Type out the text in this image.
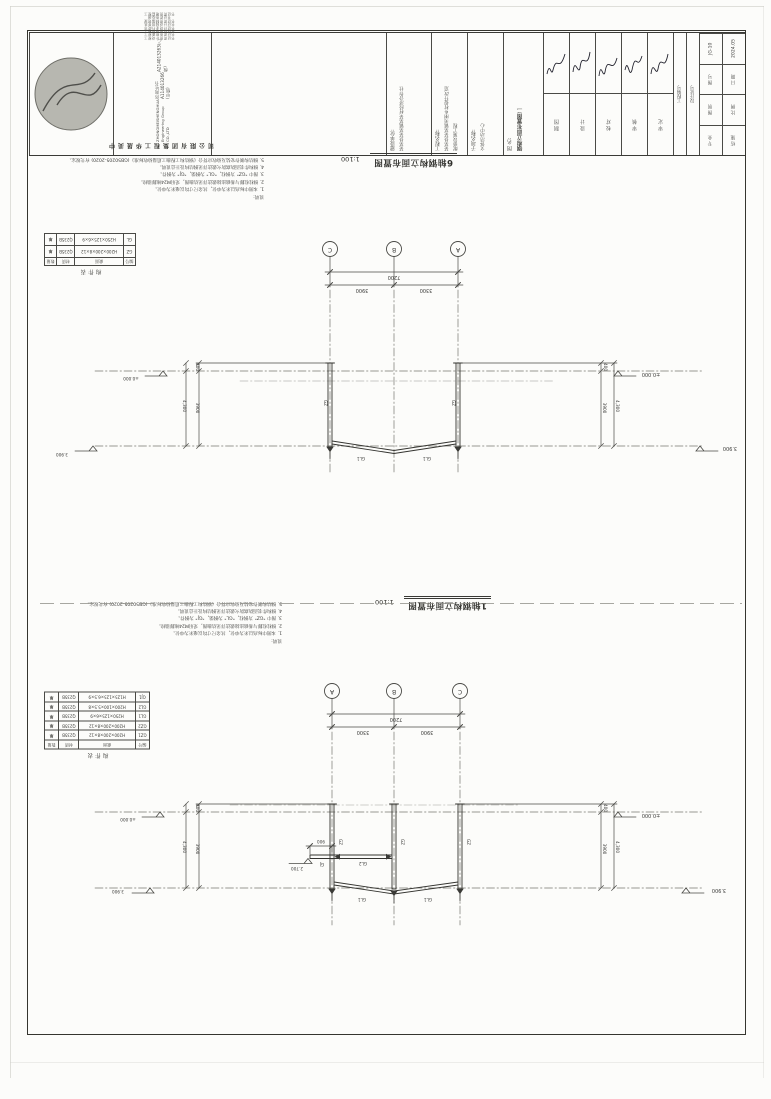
结 施
专 业
比 例
图 别
日 期
图 号
2024.05
JG-10
设计证号
工程编号
审 定
审 核
校 对
设 计
制 图
图 名: 钢构立面布置图二
子项名称: 文体活动中心
工程名称: 某某县某某镇美丽乡村提升改造 配套设施工程
建设单位: 某某县某某镇某某村经济合作社
中美晟华工程集团有限公司
ZHONGMEISHENGHUA Engineering Group CO.,LTD
咨询证书: A114013266 (甲级)
A214013263(乙级)
工程设计资质证书
工程勘察资质证书
工程咨询资信证书
市政行业设计证书
风景园林设计证书
规划编制资质证书
测绘资质证书
工程监理资质证书
6轴钢构立面布置图
1:100
1轴钢构立面布置图
1:100
说明:
1. 本图中标高以米为单位，其余尺寸均以毫米为单位。
2. 钢柱柱脚与基础连接做法详见结施图，采用M24地脚锚栓。
3. 图中 "GZ" 为钢柱，"GL" 为钢梁，"GJ" 为钢件。
4. 钢构件表面防腐防火做法详见钢结构设计总说明。
5. 钢结构制作安装及验收应符合《钢结构工程施工质量验收标准》(GB50205-2020) 有关规定。
说明:
1. 本图中标高以米为单位，其余尺寸均以毫米为单位。
2. 钢柱柱脚与基础连接做法详见结施图，采用M24地脚锚栓。
3. 图中 "GZ" 为钢柱，"GL" 为钢梁，"GJ" 为钢件。
4. 钢构件表面防腐防火做法详见钢结构设计总说明。
5. 钢结构制作安装及验收应符合《钢结构工程施工质量验收标准》(GB50205-2020) 有关规定。
构件表
编号	截面	材质	数量
GZ	H200×200×8×12	Q235B	单
GL	H250×125×6×9	Q235B	单
构件表
编号	截面	材质	数量
GZ1	H200×200×8×12	Q235B	单
GZ2	H200×200×8×12	Q235B	单
GL1	H250×125×6×9	Q235B	单
GL2	H200×100×5.5×8	Q235B	单
GJ1	H125×125×6.5×9	Q235B	单
C	B	A
7200
3900	3300
4,300 3900
400
3900 4,300
400
GZ	GZ
GL1	GL1
±0.000
±0.000
3.900
3.900
A	B	C
7200
3300	3900
900
2.700
4,300 3900
400
3900 4,300
400
GZ	GZ	GZ
GL1	GL1
GL2
GJ
±0.000
±0.000
3.900	3.900
